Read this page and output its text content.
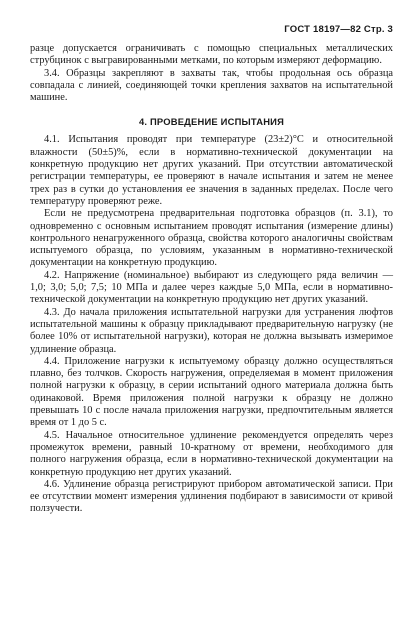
ГОСТ 18197—82 Стр. 3

разце допускается ограничивать с помощью специальных металлических струбцинок с выгравированными метками, по которым измеряют деформацию.

3.4. Образцы закрепляют в захваты так, чтобы продольная ось образца совпадала с линией, соединяющей точки крепления захватов на испытательной машине.

4. ПРОВЕДЕНИЕ ИСПЫТАНИЯ

4.1. Испытания проводят при температуре (23±2)°С и относительной влажности (50±5)%, если в нормативно-технической документации на конкретную продукцию нет других указаний. При отсутствии автоматической регистрации температуры, ее проверяют в начале испытания и затем не менее трех раз в сутки до установления ее значения в заданных пределах. После чего температуру проверяют реже.

Если не предусмотрена предварительная подготовка образцов (п. 3.1), то одновременно с основным испытанием проводят испытания (измерение длины) контрольного ненагруженного образца, свойства которого аналогичны свойствам испытуемого образца, по условиям, указанным в нормативно-технической документации на конкретную продукцию.

4.2. Напряжение (номинальное) выбирают из следующего ряда величин — 1,0; 3,0; 5,0; 7,5; 10 МПа и далее через каждые 5,0 МПа, если в нормативно-технической документации на конкретную продукцию нет других указаний.

4.3. До начала приложения испытательной нагрузки для устранения люфтов испытательной машины к образцу прикладывают предварительную нагрузку (не более 10% от испытательной нагрузки), которая не должна вызывать измеримое удлинение образца.

4.4. Приложение нагрузки к испытуемому образцу должно осуществляться плавно, без толчков. Скорость нагружения, определяемая в момент приложения полной нагрузки к образцу, в серии испытаний одного материала должна быть одинаковой. Время приложения полной нагрузки к образцу не должно превышать 10 с после начала приложения нагрузки, предпочтительным является время от 1 до 5 с.

4.5. Начальное относительное удлинение рекомендуется определять через промежуток времени, равный 10-кратному от времени, необходимого для полного нагружения образца, если в нормативно-технической документации на конкретную продукцию нет других указаний.

4.6. Удлинение образца регистрируют прибором автоматической записи. При ее отсутствии момент измерения удлинения подбирают в зависимости от кривой ползучести.
